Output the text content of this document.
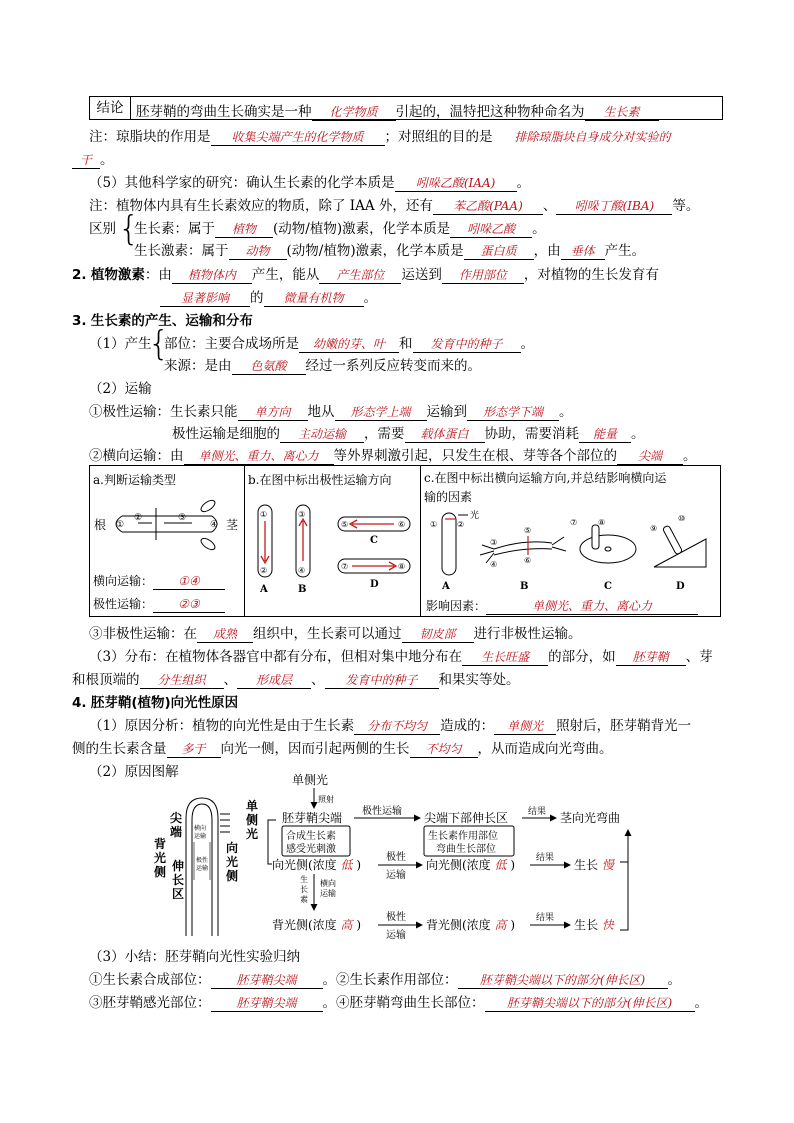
结论 胚芽鞘的弯曲生长确实是一种 化学物质 引起的，温特把这种物种命名为 生长素
注：琼脂块的作用是 收集尖端产生的化学物质 ；对照组的目的是 排除琼脂块自身成分对实验的
干 。
（5）其他科学家的研究：确认生长素的化学本质是 吲哚乙酸(IAA) 。
注：植物体内具有生长素效应的物质，除了 IAA 外，还有 苯乙酸(PAA) 、 吲哚丁酸(IBA) 等。
区别 {
生长素：属于 植物 (动物/植物)激素，化学本质是 吲哚乙酸 。
生长激素：属于 动物 (动物/植物)激素，化学本质是 蛋白质 ，由 垂体 产生。
2. 植物激素：由 植物体内 产生，能从 产生部位 运送到 作用部位 ，对植物的生长发育有
显著影响 的 微量有机物 。
3. 生长素的产生、运输和分布
（1）产生
{
部位：主要合成场所是 幼嫩的芽、叶 和 发育中的种子 。
来源：是由 色氨酸 经过一系列反应转变而来的。
（2）运输
①极性运输：生长素只能 单方向 地从 形态学上端 运输到 形态学下端 。
极性运输是细胞的 主动运输 ，需要 载体蛋白 协助，需要消耗 能量 。
②横向运输：由 单侧光、重力、离心力 等外界刺激引起，只发生在根、芽等各个部位的 尖端 。
a.判断运输类型
根	茎
①
②	③
④
横向运输： ①④
极性运输： ②③
b.在图中标出极性运输方向
①
②
A
③
④
B
⑤	⑥
C
⑦	⑧
D
c.在图中标出横向运输方向,并总结影响横向运
输的因素
① ②
光
A
⑤
⑥
③
④
B
⑦	⑧
C
⑨
⑩
D
影响因素：	单侧光、重力、离心力
③非极性运输：在 成熟 组织中，生长素可以通过 韧皮部 进行非极性运输。
（3）分布：在植物体各器官中都有分布，但相对集中地分布在 生长旺盛 的部分，如 胚芽鞘 、芽
和根顶端的 分生组织 、 形成层 、 发育中的种子 和果实等处。
4. 胚芽鞘(植物)向光性原因
（1）原因分析：植物的向光性是由于生长素 分布不均匀 造成的： 单侧光 照射后，胚芽鞘背光一
侧的生长素含量 多于 向光一侧，因而引起两侧的生长 不均匀 ，从而造成向光弯曲。
（2）原因图解
横向
运输
极性
运输
尖
端
背
光
侧 伸
长
区
单
侧
光
向
光
侧
单侧光
照射
胚芽鞘尖端
合成生长素
感受光刺激
极性运输 尖端下部伸长区
生长素作用部位
弯曲生长部位
结果 茎向光弯曲
生
长
素
横向
运输
向光侧(浓度 低 )
极性
运输
向光侧(浓度 低 ) 结果 生长 慢
背光侧(浓度 高 )
极性
运输
背光侧(浓度 高 ) 结果 生长 快
（3）小结：胚芽鞘向光性实验归纳
①生长素合成部位： 胚芽鞘尖端 。②生长素作用部位： 胚芽鞘尖端以下的部分(伸长区) 。
③胚芽鞘感光部位： 胚芽鞘尖端 。④胚芽鞘弯曲生长部位： 胚芽鞘尖端以下的部分(伸长区) 。
